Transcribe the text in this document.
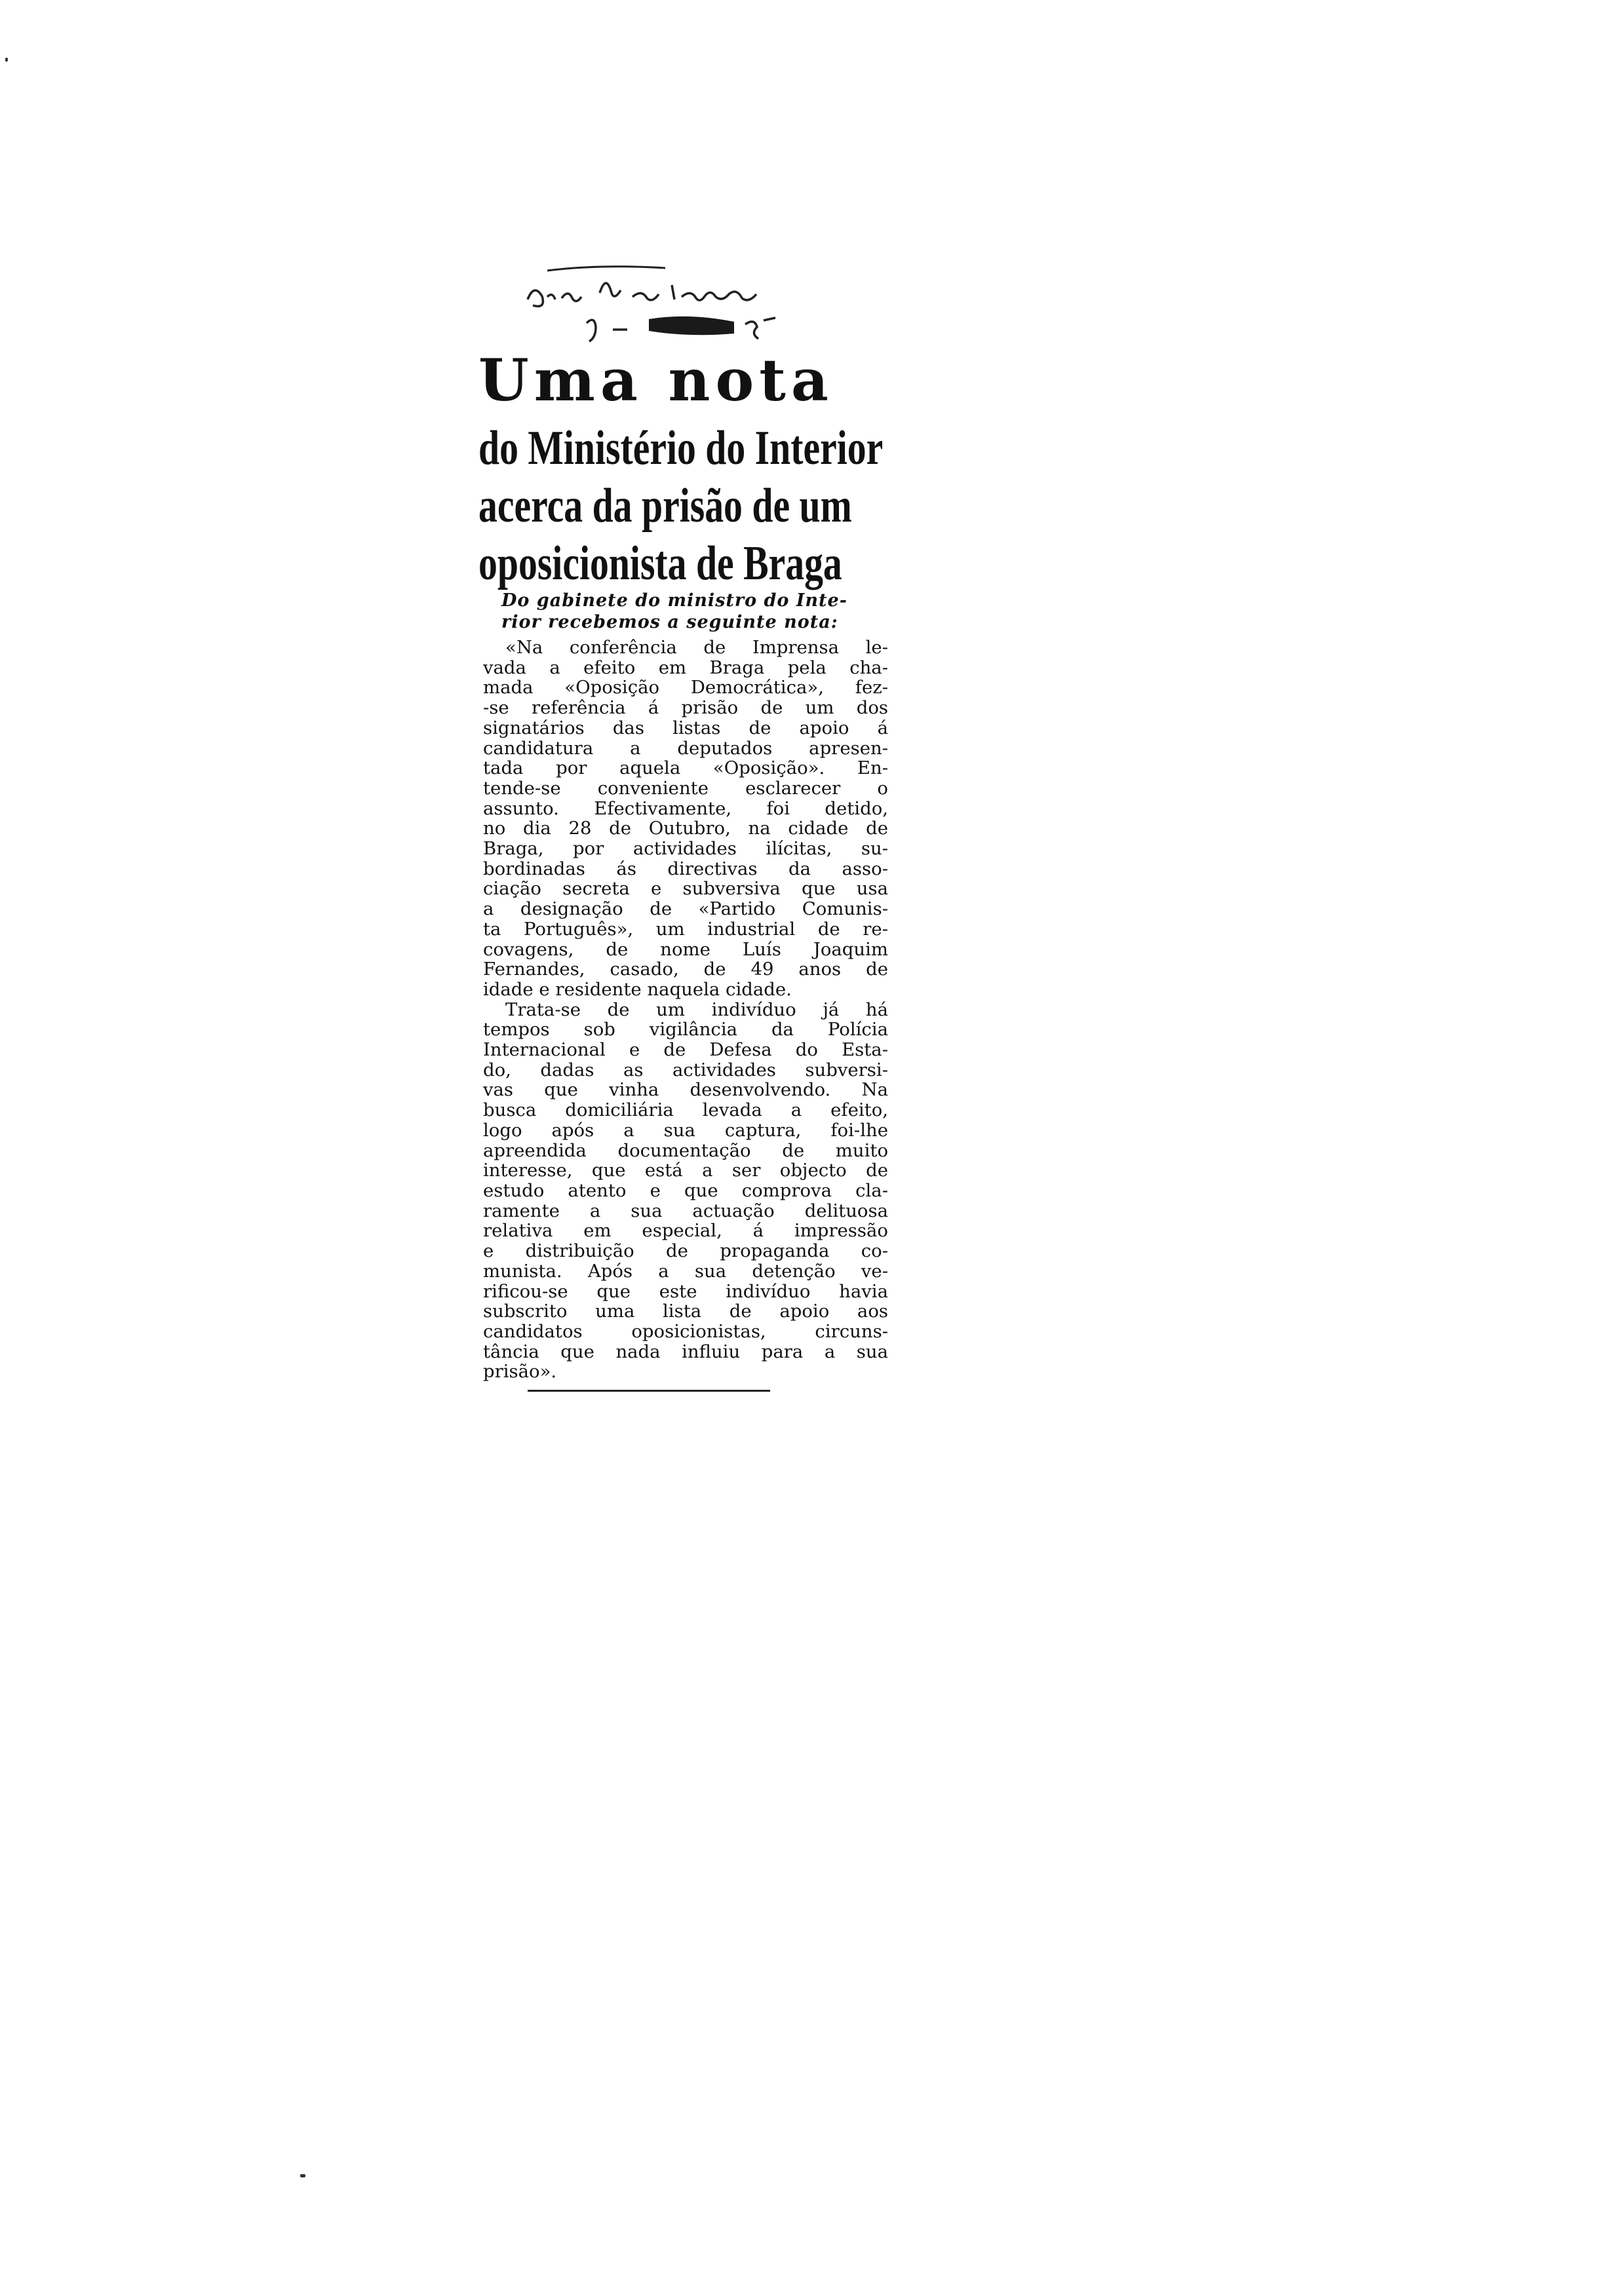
Uma nota
do Ministério do Interior
acerca da prisão de um
oposicionista de Braga

Do gabinete do ministro do Inte-
rior recebemos a seguinte nota:

«Na conferência de Imprensa le-
vada a efeito em Braga pela cha-
mada «Oposição Democrática», fez-
-se referência á prisão de um dos
signatários das listas de apoio á
candidatura a deputados apresen-
tada por aquela «Oposição». En-
tende-se conveniente esclarecer o
assunto. Efectivamente, foi detido,
no dia 28 de Outubro, na cidade de
Braga, por actividades ilícitas, su-
bordinadas ás directivas da asso-
ciação secreta e subversiva que usa
a designação de «Partido Comunis-
ta Português», um industrial de re-
covagens, de nome Luís Joaquim
Fernandes, casado, de 49 anos de
idade e residente naquela cidade.

Trata-se de um indivíduo já há
tempos sob vigilância da Polícia
Internacional e de Defesa do Esta-
do, dadas as actividades subversi-
vas que vinha desenvolvendo. Na
busca domiciliária levada a efeito,
logo após a sua captura, foi-lhe
apreendida documentação de muito
interesse, que está a ser objecto de
estudo atento e que comprova cla-
ramente a sua actuação delituosa
relativa em especial, á impressão
e distribuição de propaganda co-
munista. Após a sua detenção ve-
rificou-se que este indivíduo havia
subscrito uma lista de apoio aos
candidatos oposicionistas, circuns-
tância que nada influiu para a sua
prisão».
